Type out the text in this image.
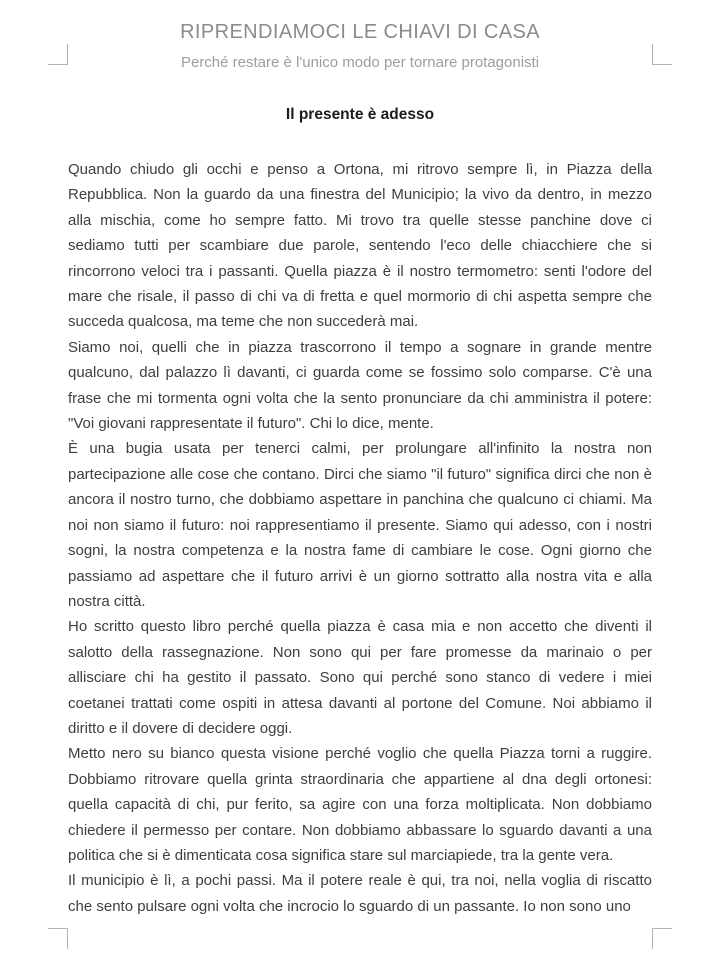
RIPRENDIAMOCI LE CHIAVI DI CASA
Perché restare è l'unico modo per tornare protagonisti
Il presente è adesso

Quando chiudo gli occhi e penso a Ortona, mi ritrovo sempre lì, in Piazza della Repubblica. Non la guardo da una finestra del Municipio; la vivo da dentro, in mezzo alla mischia, come ho sempre fatto. Mi trovo tra quelle stesse panchine dove ci sediamo tutti per scambiare due parole, sentendo l'eco delle chiacchiere che si rincorrono veloci tra i passanti. Quella piazza è il nostro termometro: senti l'odore del mare che risale, il passo di chi va di fretta e quel mormorio di chi aspetta sempre che succeda qualcosa, ma teme che non succederà mai.

Siamo noi, quelli che in piazza trascorrono il tempo a sognare in grande mentre qualcuno, dal palazzo lì davanti, ci guarda come se fossimo solo comparse. C'è una frase che mi tormenta ogni volta che la sento pronunciare da chi amministra il potere: "Voi giovani rappresentate il futuro". Chi lo dice, mente.

È una bugia usata per tenerci calmi, per prolungare all'infinito la nostra non partecipazione alle cose che contano. Dirci che siamo "il futuro" significa dirci che non è ancora il nostro turno, che dobbiamo aspettare in panchina che qualcuno ci chiami. Ma noi non siamo il futuro: noi rappresentiamo il presente. Siamo qui adesso, con i nostri sogni, la nostra competenza e la nostra fame di cambiare le cose. Ogni giorno che passiamo ad aspettare che il futuro arrivi è un giorno sottratto alla nostra vita e alla nostra città.

Ho scritto questo libro perché quella piazza è casa mia e non accetto che diventi il salotto della rassegnazione. Non sono qui per fare promesse da marinaio o per allisciare chi ha gestito il passato. Sono qui perché sono stanco di vedere i miei coetanei trattati come ospiti in attesa davanti al portone del Comune. Noi abbiamo il diritto e il dovere di decidere oggi.

Metto nero su bianco questa visione perché voglio che quella Piazza torni a ruggire. Dobbiamo ritrovare quella grinta straordinaria che appartiene al dna degli ortonesi: quella capacità di chi, pur ferito, sa agire con una forza moltiplicata. Non dobbiamo chiedere il permesso per contare. Non dobbiamo abbassare lo sguardo davanti a una politica che si è dimenticata cosa significa stare sul marciapiede, tra la gente vera.

Il municipio è lì, a pochi passi. Ma il potere reale è qui, tra noi, nella voglia di riscatto che sento pulsare ogni volta che incrocio lo sguardo di un passante. Io non sono uno
